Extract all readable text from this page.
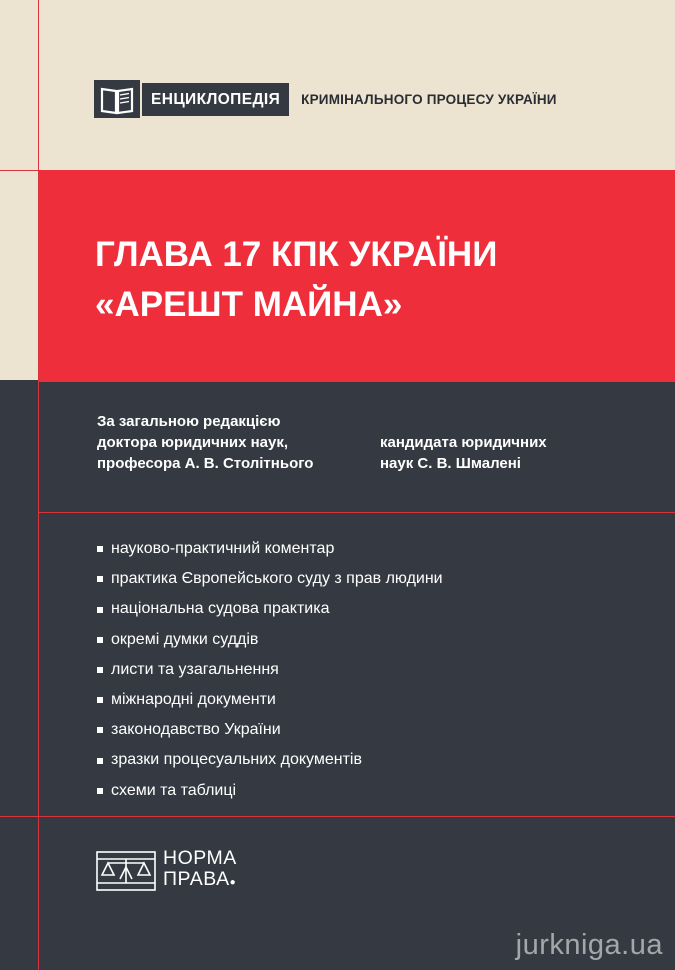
ЕНЦИКЛОПЕДІЯ	КРИМІНАЛЬНОГО ПРОЦЕСУ УКРАЇНИ
ГЛАВА 17 КПК УКРАЇНИ
«АРЕШТ МАЙНА»
За загальною редакцією
доктора юридичних наук,
професора А. В. Столітнього
кандидата юридичних
наук С. В. Шмалені
науково-практичний коментар
практика Європейського суду з прав людини
національна судова практика
окремі думки суддів
листи та узагальнення
міжнародні документи
законодавство України
зразки процесуальних документів
схеми та таблиці
НОРМА
ПРАВА●
jurkniga.ua
